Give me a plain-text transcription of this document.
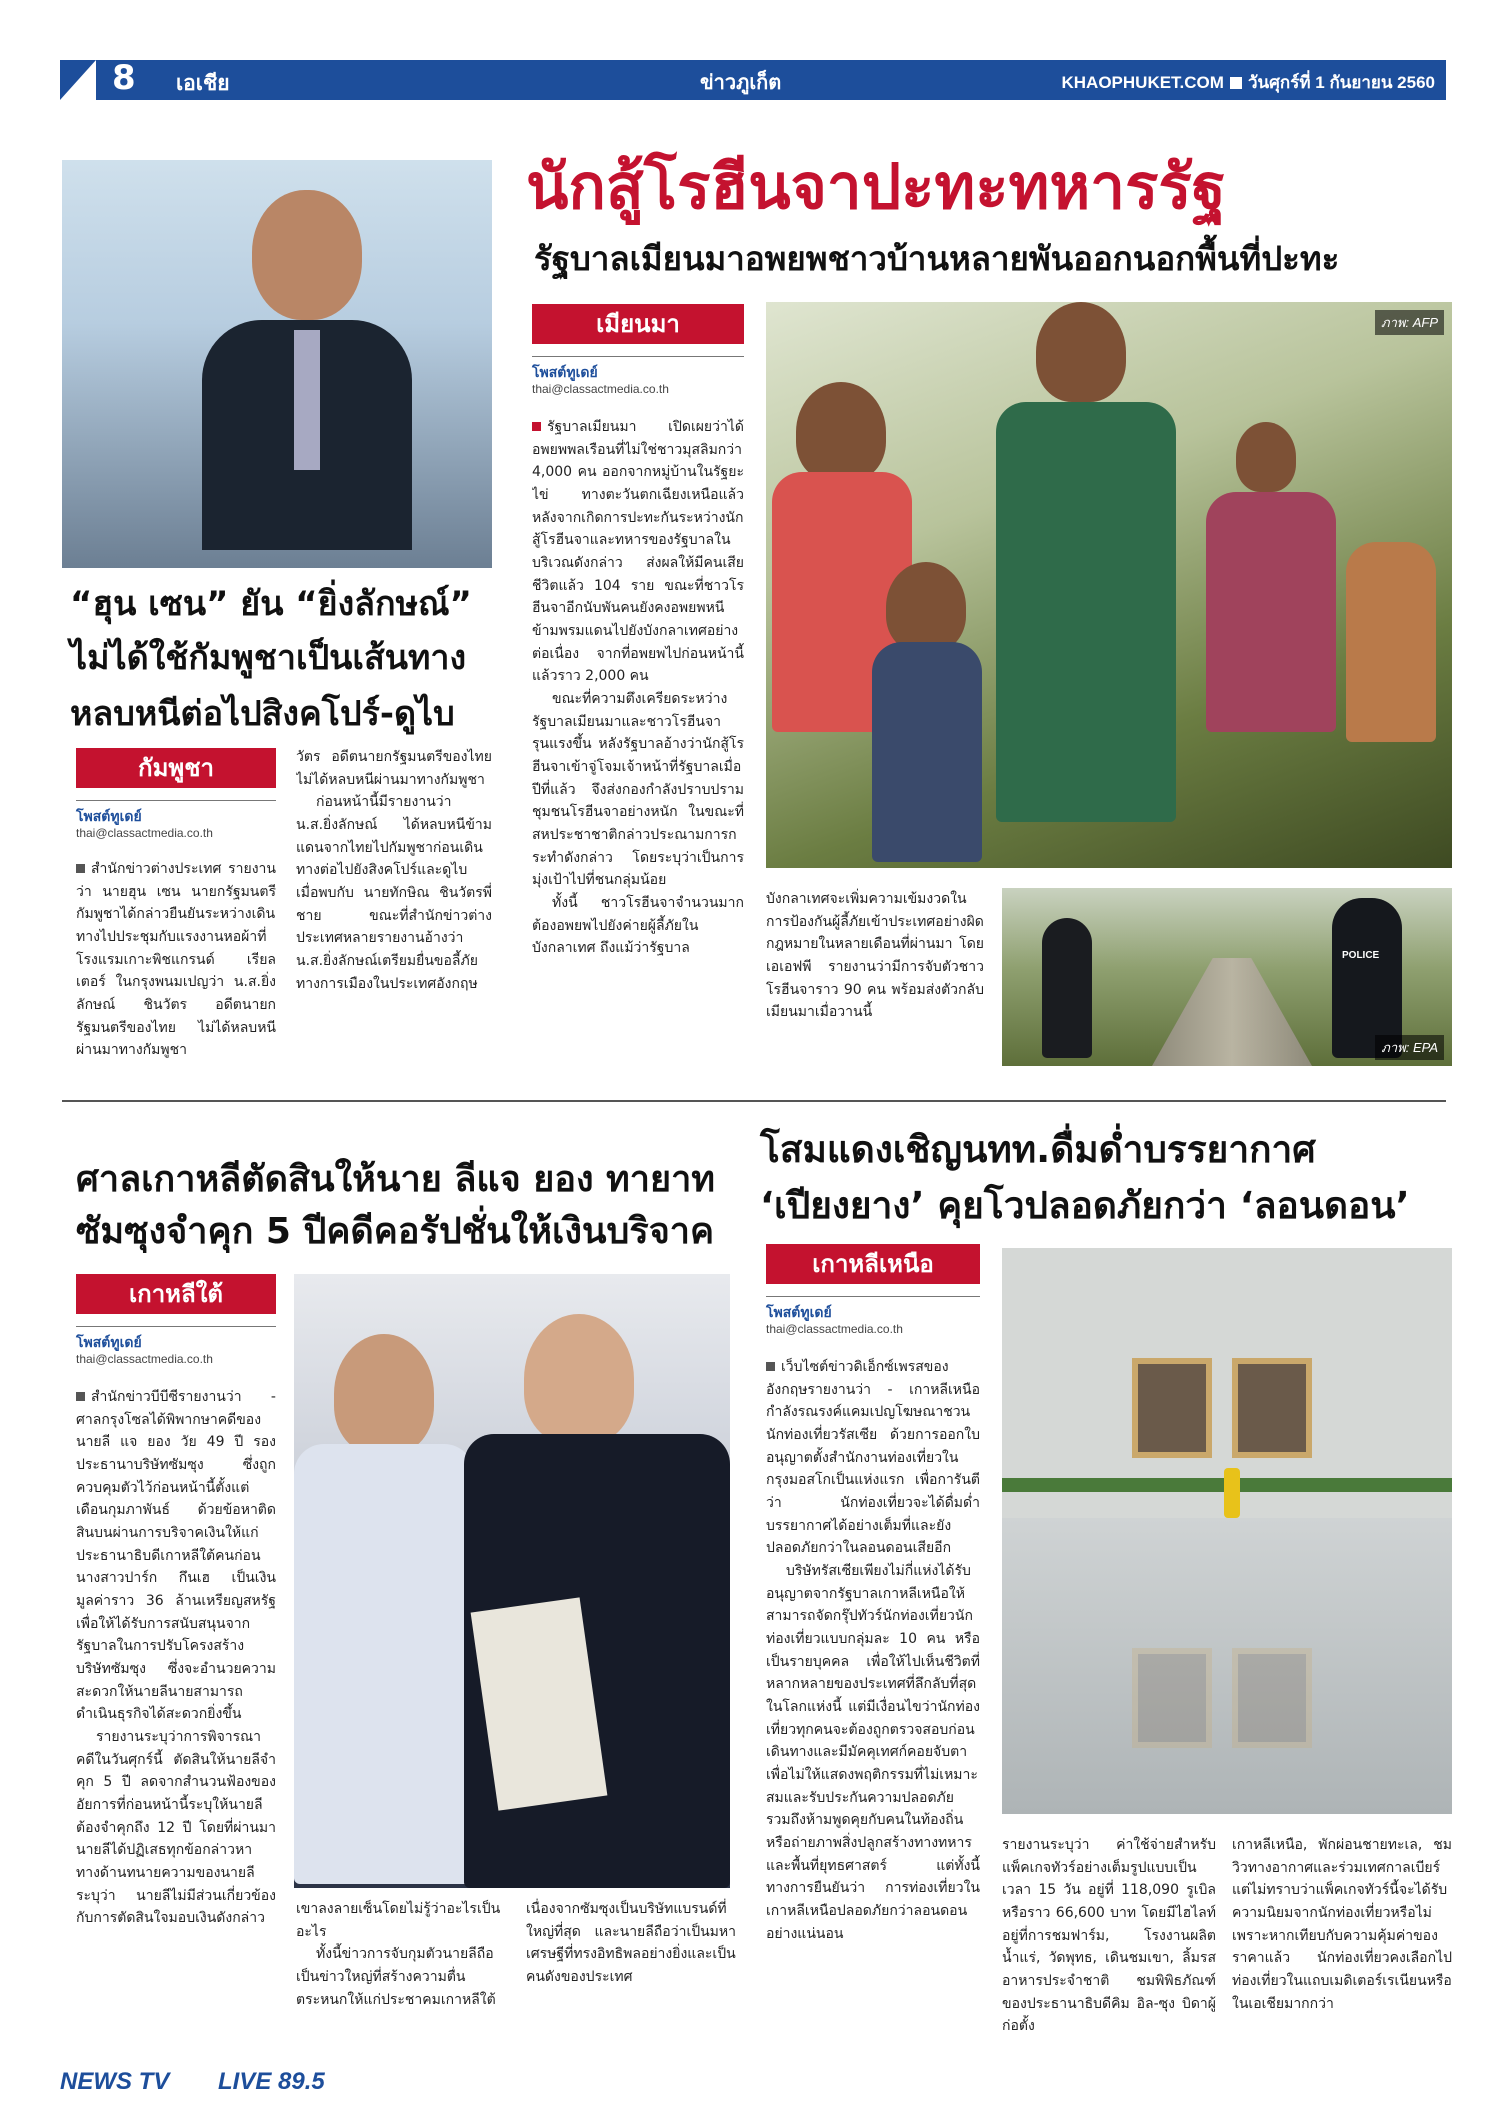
8 เอเชีย	ข่าวภูเก็ต	KHAOPHUKET.COM วันศุกร์ที่ 1 กันยายน 2560
“ฮุน เซน” ยัน “ยิ่งลักษณ์”
ไม่ได้ใช้กัมพูชาเป็นเส้นทาง
หลบหนีต่อไปสิงคโปร์-ดูไบ
กัมพูชา
โพสต์ทูเดย์
thai@classactmedia.co.th
สำนักข่าวต่างประเทศ รายงานว่า นายฮุน เซน นายกรัฐมนตรีกัมพูชาได้กล่าวยืนยันระหว่างเดินทางไปประชุมกับแรงงานหอผ้าที่โรงแรมเกาะพิชแกรนด์ เรียลเตอร์ ในกรุงพนมเปญว่า น.ส.ยิ่งลักษณ์ ชินวัตร อดีตนายกรัฐมนตรีของไทย ไม่ได้หลบหนีผ่านมาทางกัมพูชา
วัตร อดีตนายกรัฐมนตรีของไทย ไม่ได้หลบหนีผ่านมาทางกัมพูชา
ก่อนหน้านี้มีรายงานว่า น.ส.ยิ่งลักษณ์ ได้หลบหนีข้ามแดนจากไทยไปกัมพูชาก่อนเดินทางต่อไปยังสิงคโปร์และดูไบ เมื่อพบกับ นายทักษิณ ชินวัตรพี่ชาย ขณะที่สำนักข่าวต่างประเทศหลายรายงานอ้างว่า น.ส.ยิ่งลักษณ์เตรียมยื่นขอลี้ภัยทางการเมืองในประเทศอังกฤษ
นักสู้โรฮีนจาปะทะทหารรัฐ
รัฐบาลเมียนมาอพยพชาวบ้านหลายพันออกนอกพื้นที่ปะทะ
เมียนมา
โพสต์ทูเดย์
thai@classactmedia.co.th
รัฐบาลเมียนมา เปิดเผยว่าได้อพยพพลเรือนที่ไม่ใช่ชาวมุสลิมกว่า 4,000 คน ออกจากหมู่บ้านในรัฐยะไข่ ทางตะวันตกเฉียงเหนือแล้ว หลังจากเกิดการปะทะกันระหว่างนักสู้โรฮีนจาและทหารของรัฐบาลในบริเวณดังกล่าว ส่งผลให้มีคนเสียชีวิตแล้ว 104 ราย ขณะที่ชาวโรฮีนจาอีกนับพันคนยังคงอพยพหนีข้ามพรมแดนไปยังบังกลาเทศอย่างต่อเนื่อง จากที่อพยพไปก่อนหน้านี้แล้วราว 2,000 คน
ขณะที่ความตึงเครียดระหว่างรัฐบาลเมียนมาและชาวโรฮีนจารุนแรงขึ้น หลังรัฐบาลอ้างว่านักสู้โรฮีนจาเข้าจู่โจมเจ้าหน้าที่รัฐบาลเมื่อปีที่แล้ว จึงส่งกองกำลังปราบปรามชุมชนโรฮีนจาอย่างหนัก ในขณะที่สหประชาชาติกล่าวประณามการกระทำดังกล่าว โดยระบุว่าเป็นการมุ่งเป้าไปที่ชนกลุ่มน้อย
ทั้งนี้ ชาวโรฮีนจาจำนวนมากต้องอพยพไปยังค่ายผู้ลี้ภัยในบังกลาเทศ ถึงแม้ว่ารัฐบาล
ภาพ: AFP
บังกลาเทศจะเพิ่มความเข้มงวดในการป้องกันผู้ลี้ภัยเข้าประเทศอย่างผิดกฎหมายในหลายเดือนที่ผ่านมา โดยเอเอฟพี รายงานว่ามีการจับตัวชาวโรฮีนจาราว 90 คน พร้อมส่งตัวกลับเมียนมาเมื่อวานนี้
POLICE
ภาพ: EPA
ศาลเกาหลีตัดสินให้นาย ลีแจ ยอง ทายาท
ซัมซุงจำคุก 5 ปีคดีคอรัปชั่นให้เงินบริจาค
เกาหลีใต้
โพสต์ทูเดย์
thai@classactmedia.co.th
สำนักข่าวบีบีซีรายงานว่า - ศาลกรุงโซลได้พิพากษาคดีของนายลี แจ ยอง วัย 49 ปี รองประธานาบริษัทซัมซุง ซึ่งถูกควบคุมตัวไว้ก่อนหน้านี้ตั้งแต่เดือนกุมภาพันธ์ ด้วยข้อหาติดสินบนผ่านการบริจาคเงินให้แก่ประธานาธิบดีเกาหลีใต้คนก่อน นางสาวปาร์ก กึนเฮ เป็นเงินมูลค่าราว 36 ล้านเหรียญสหรัฐ เพื่อให้ได้รับการสนับสนุนจากรัฐบาลในการปรับโครงสร้างบริษัทซัมซุง ซึ่งจะอำนวยความสะดวกให้นายลีนายสามารถดำเนินธุรกิจได้สะดวกยิ่งขึ้น
รายงานระบุว่าการพิจารณาคดีในวันศุกร์นี้ ตัดสินให้นายลีจำคุก 5 ปี ลดจากสำนวนฟ้องของอัยการที่ก่อนหน้านี้ระบุให้นายลีต้องจำคุกถึง 12 ปี โดยที่ผ่านมานายลีได้ปฏิเสธทุกข้อกล่าวหา ทางด้านทนายความของนายลีระบุว่า นายลีไม่มีส่วนเกี่ยวข้องกับการตัดสินใจมอบเงินดังกล่าว
เขาลงลายเซ็นโดยไม่รู้ว่าอะไรเป็นอะไร
ทั้งนี้ข่าวการจับกุมตัวนายลีถือเป็นข่าวใหญ่ที่สร้างความตื่นตระหนกให้แก่ประชาคมเกาหลีใต้
เนื่องจากซัมซุงเป็นบริษัทแบรนด์ที่ใหญ่ที่สุด และนายลีถือว่าเป็นมหาเศรษฐีที่ทรงอิทธิพลอย่างยิ่งและเป็นคนดังของประเทศ
โสมแดงเชิญนทท.ดื่มด่ำบรรยากาศ
‘เปียงยาง’ คุยโวปลอดภัยกว่า ‘ลอนดอน’
เกาหลีเหนือ
โพสต์ทูเดย์
thai@classactmedia.co.th
เว็บไซต์ข่าวดิเอ็กซ์เพรสของอังกฤษรายงานว่า - เกาหลีเหนือกำลังรณรงค์แคมเปญโฆษณาชวนนักท่องเที่ยวรัสเซีย ด้วยการออกใบอนุญาตตั้งสำนักงานท่องเที่ยวในกรุงมอสโกเป็นแห่งแรก เพื่อการันตีว่า นักท่องเที่ยวจะได้ดื่มด่ำบรรยากาศได้อย่างเต็มที่และยังปลอดภัยกว่าในลอนดอนเสียอีก
บริษัทรัสเซียเพียงไม่กี่แห่งได้รับอนุญาตจากรัฐบาลเกาหลีเหนือให้สามารถจัดกรุ๊ปทัวร์นักท่องเที่ยวนักท่องเที่ยวแบบกลุ่มละ 10 คน หรือเป็นรายบุคคล เพื่อให้ไปเห็นชีวิตที่หลากหลายของประเทศที่ลึกลับที่สุดในโลกแห่งนี้ แต่มีเงื่อนไขว่านักท่องเที่ยวทุกคนจะต้องถูกตรวจสอบก่อนเดินทางและมีมัคคุเทศก์คอยจับตาเพื่อไม่ให้แสดงพฤติกรรมที่ไม่เหมาะสมและรับประกันความปลอดภัย รวมถึงห้ามพูดคุยกับคนในท้องถิ่น หรือถ่ายภาพสิ่งปลูกสร้างทางทหารและพื้นที่ยุทธศาสตร์ แต่ทั้งนี้ทางการยืนยันว่า การท่องเที่ยวในเกาหลีเหนือปลอดภัยกว่าลอนดอนอย่างแน่นอน
รายงานระบุว่า ค่าใช้จ่ายสำหรับแพ็คเกจทัวร์อย่างเต็มรูปแบบเป็นเวลา 15 วัน อยู่ที่ 118,090 รูเบิล หรือราว 66,600 บาท โดยมีไฮไลท์อยู่ที่การชมฟาร์ม, โรงงานผลิตน้ำแร่, วัดพุทธ, เดินชมเขา, ลิ้มรสอาหารประจำชาติ ชมพิพิธภัณฑ์ของประธานาธิบดีคิม อิล-ซุง บิดาผู้ก่อตั้ง
เกาหลีเหนือ, พักผ่อนชายทะเล, ชมวิวทางอากาศและร่วมเทศกาลเบียร์ แต่ไม่ทราบว่าแพ็คเกจทัวร์นี้จะได้รับความนิยมจากนักท่องเที่ยวหรือไม่เพราะหากเทียบกับความคุ้มค่าของราคาแล้ว นักท่องเที่ยวคงเลือกไปท่องเที่ยวในแถบเมดิเตอร์เรเนียนหรือในเอเชียมากกว่า
NEWS TV LIVE 89.5
